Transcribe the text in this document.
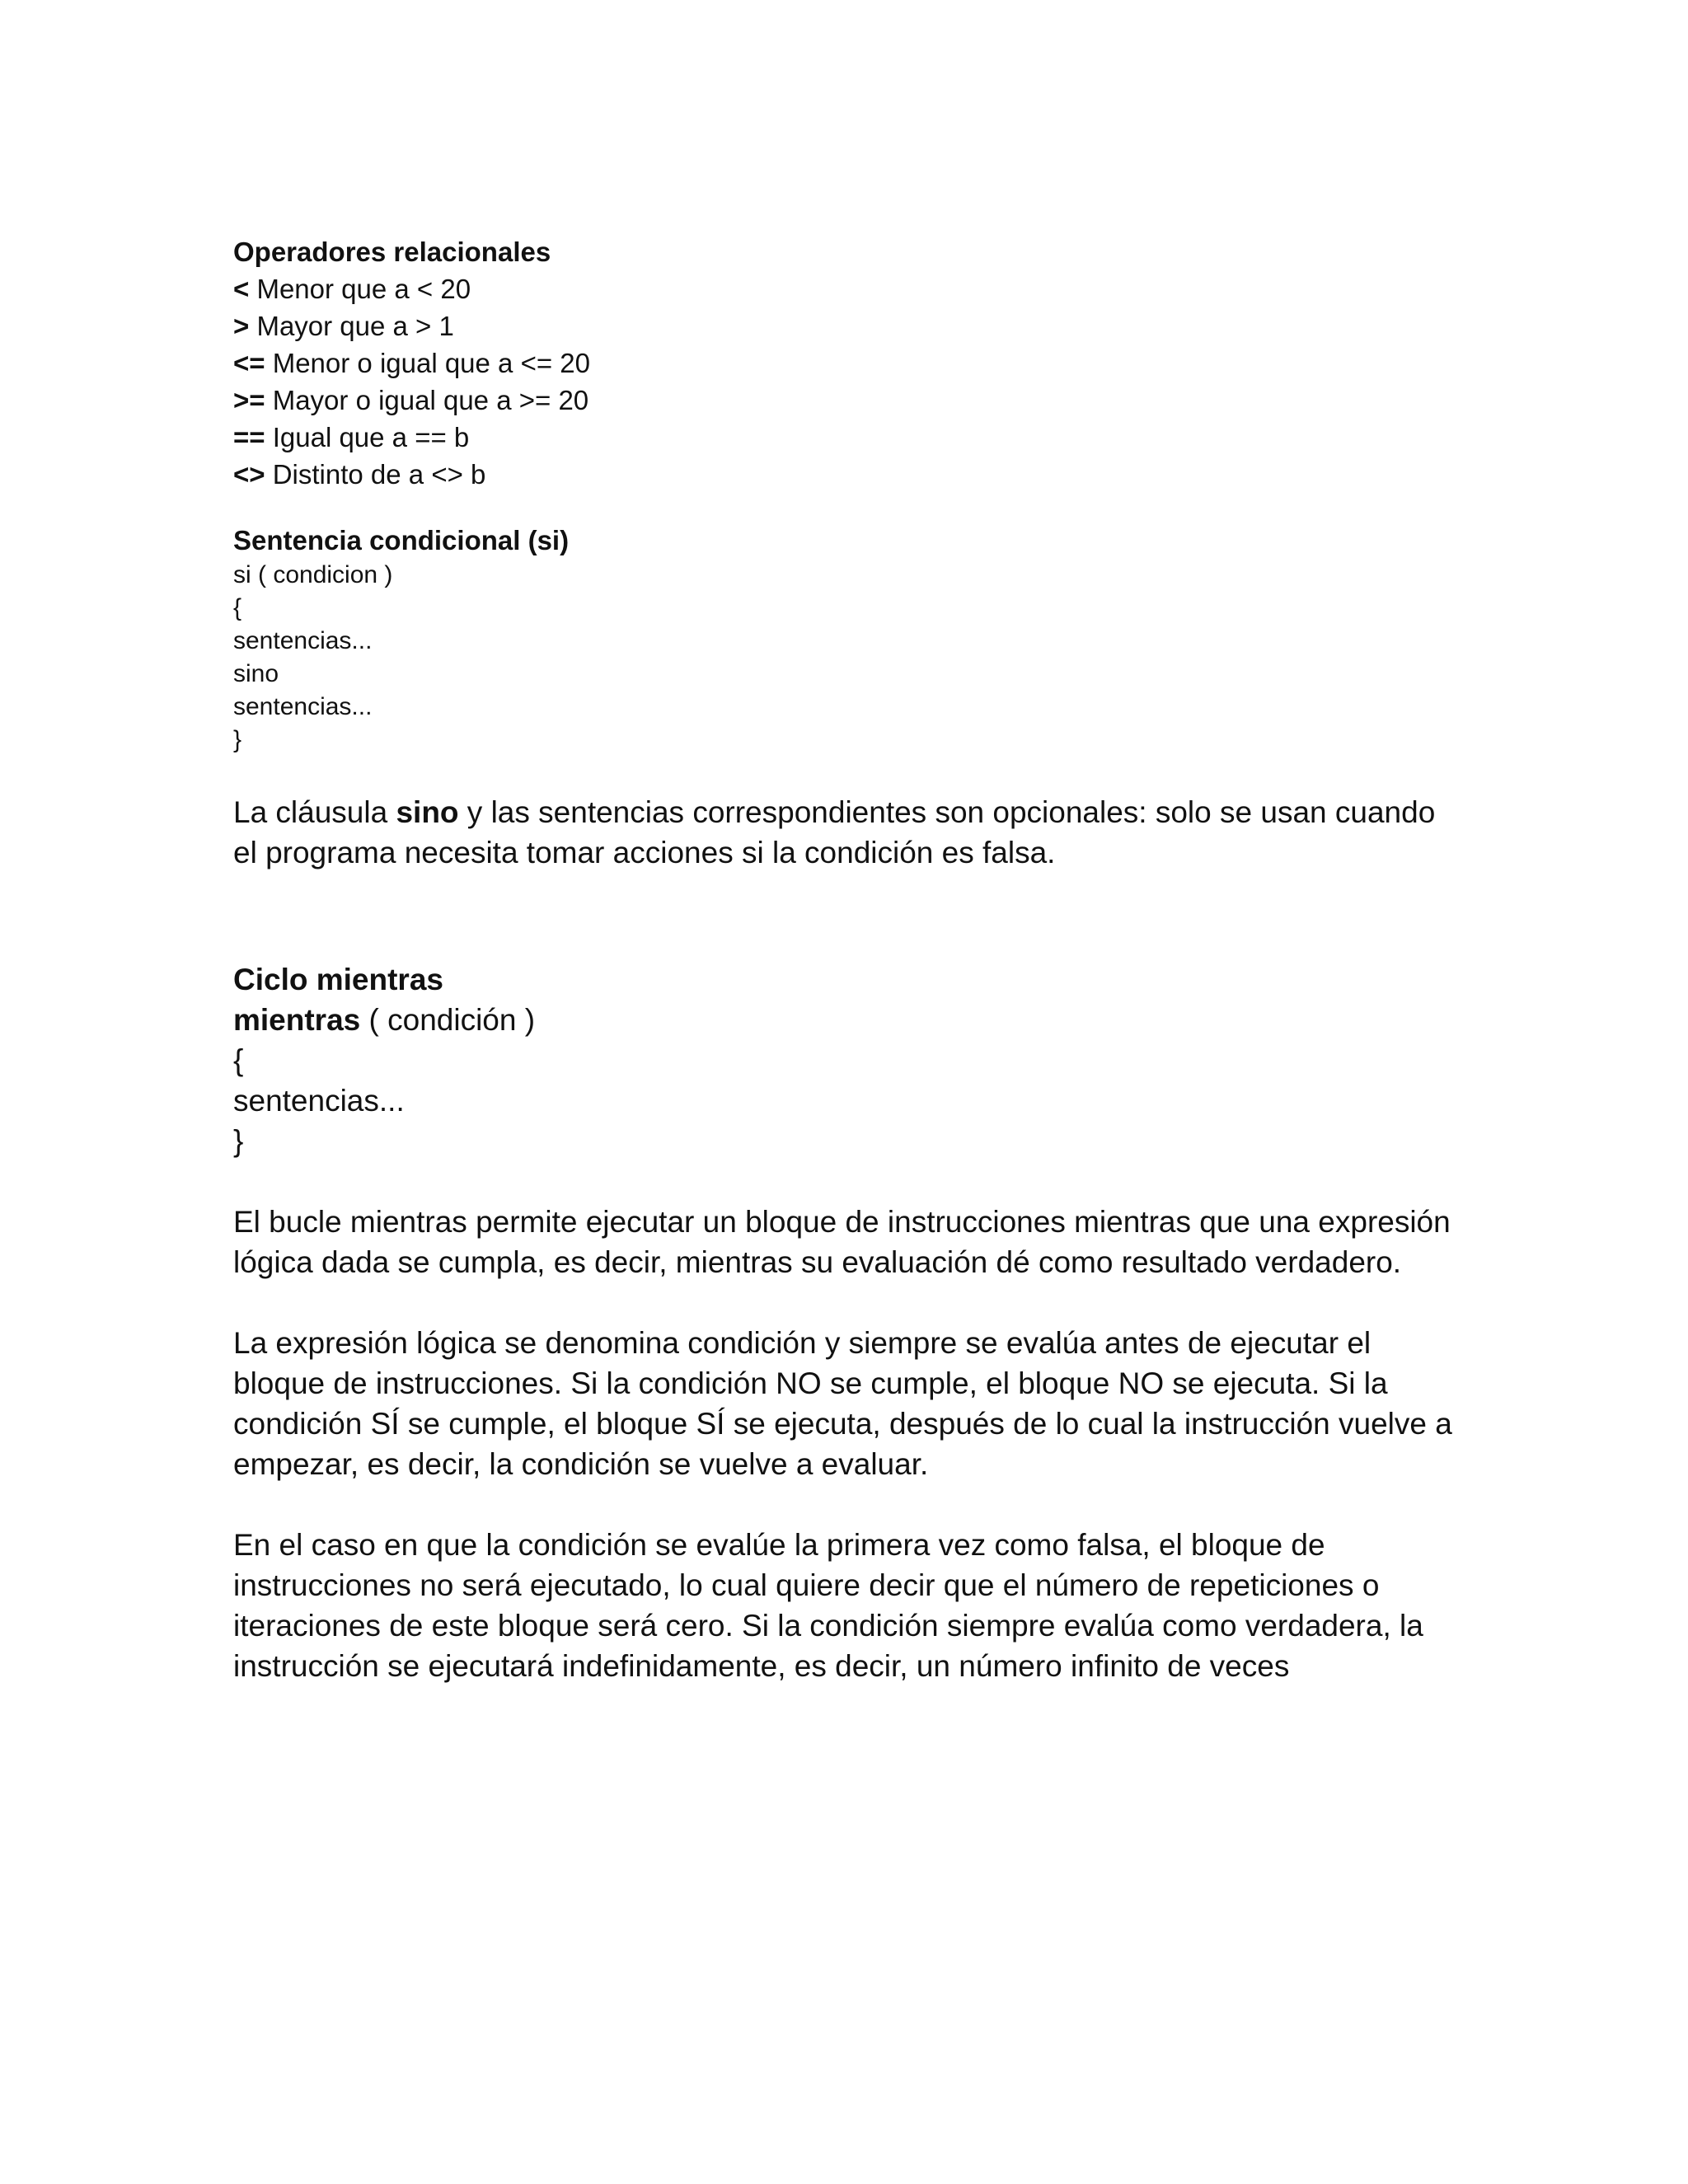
Operadores relacionales
< Menor que a < 20
> Mayor que a > 1
<= Menor o igual que a <= 20
>= Mayor o igual que a >= 20
== Igual que a == b
<> Distinto de a <> b
Sentencia condicional (si)
si ( condicion )
{
sentencias...
sino
sentencias...
}
La cláusula sino y las sentencias correspondientes son opcionales: solo se usan cuando el programa necesita tomar acciones si la condición es falsa.
Ciclo mientras
mientras ( condición )
{
sentencias...
}
El bucle mientras permite ejecutar un bloque de instrucciones mientras que una expresión lógica dada se cumpla, es decir, mientras su evaluación dé como resultado verdadero.
La expresión lógica se denomina condición y siempre se evalúa antes de ejecutar el bloque de instrucciones. Si la condición NO se cumple, el bloque NO se ejecuta. Si la condición SÍ se cumple, el bloque SÍ se ejecuta, después de lo cual la instrucción vuelve a empezar, es decir, la condición se vuelve a evaluar.
En el caso en que la condición se evalúe la primera vez como falsa, el bloque de instrucciones no será ejecutado, lo cual quiere decir que el número de repeticiones o iteraciones de este bloque será cero. Si la condición siempre evalúa como verdadera, la instrucción se ejecutará indefinidamente, es decir, un número infinito de veces
